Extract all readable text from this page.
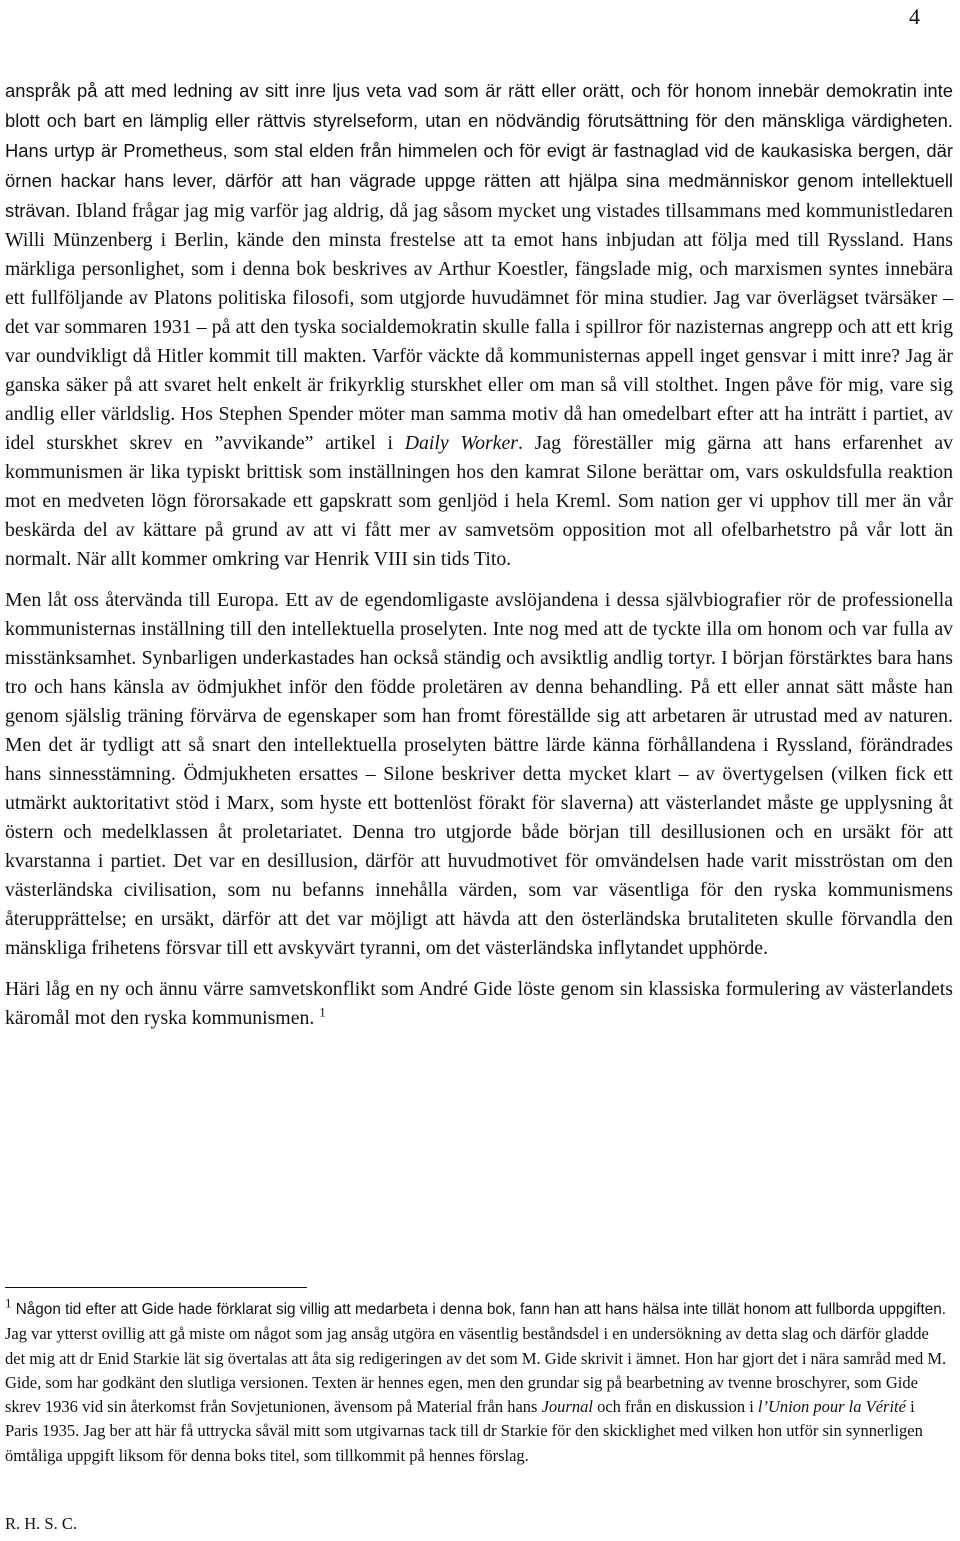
4

anspråk på att med ledning av sitt inre ljus veta vad som är rätt eller orätt, och för honom innebär demokratin inte blott och bart en lämplig eller rättvis styrelseform, utan en nödvändig förutsättning för den mänskliga värdigheten. Hans urtyp är Prometheus, som stal elden från himmelen och för evigt är fastnaglad vid de kaukasiska bergen, där örnen hackar hans lever, därför att han vägrade uppge rätten att hjälpa sina medmänniskor genom intellektuell strävan. Ibland frågar jag mig varför jag aldrig, då jag såsom mycket ung vistades tillsammans med kommunistledaren Willi Münzenberg i Berlin, kände den minsta frestelse att ta emot hans inbjudan att följa med till Ryssland. Hans märkliga personlighet, som i denna bok beskrives av Arthur Koestler, fängslade mig, och marxismen syntes innebära ett fullföljande av Platons politiska filosofi, som utgjorde huvudämnet för mina studier. Jag var överlägset tvärsäker – det var sommaren 1931 – på att den tyska socialdemokratin skulle falla i spillror för nazisternas angrepp och att ett krig var oundvikligt då Hitler kommit till makten. Varför väckte då kommunisternas appell inget gensvar i mitt inre? Jag är ganska säker på att svaret helt enkelt är frikyrklig sturskhet eller om man så vill stolthet. Ingen påve för mig, vare sig andlig eller världslig. Hos Stephen Spender möter man samma motiv då han omedelbart efter att ha inträtt i partiet, av idel sturskhet skrev en ”avvikande” artikel i Daily Worker. Jag föreställer mig gärna att hans erfarenhet av kommunismen är lika typiskt brittisk som inställningen hos den kamrat Silone berättar om, vars oskuldsfulla reaktion mot en medveten lögn förorsakade ett gapskratt som genljöd i hela Kreml. Som nation ger vi upphov till mer än vår beskärda del av kättare på grund av att vi fått mer av samvetsöm opposition mot all ofelbarhetstro på vår lott än normalt. När allt kommer omkring var Henrik VIII sin tids Tito.

Men låt oss återvända till Europa. Ett av de egendomligaste avslöjandena i dessa självbiografier rör de professionella kommunisternas inställning till den intellektuella proselyten. Inte nog med att de tyckte illa om honom och var fulla av misstänksamhet. Synbarligen underkastades han också ständig och avsiktlig andlig tortyr. I början förstärktes bara hans tro och hans känsla av ödmjukhet inför den födde proletären av denna behandling. På ett eller annat sätt måste han genom själslig träning förvärva de egenskaper som han fromt föreställde sig att arbetaren är utrustad med av naturen. Men det är tydligt att så snart den intellektuella proselyten bättre lärde känna förhållandena i Ryssland, förändrades hans sinnesstämning. Ödmjukheten ersattes – Silone beskriver detta mycket klart – av övertygelsen (vilken fick ett utmärkt auktoritativt stöd i Marx, som hyste ett bottenlöst förakt för slaverna) att västerlandet måste ge upplysning åt östern och medelklassen åt proletariatet. Denna tro utgjorde både början till desillusionen och en ursäkt för att kvarstanna i partiet. Det var en desillusion, därför att huvudmotivet för omvändelsen hade varit misströstan om den västerländska civilisation, som nu befanns innehålla värden, som var väsentliga för den ryska kommunismens återupprättelse; en ursäkt, därför att det var möjligt att hävda att den österländska brutaliteten skulle förvandla den mänskliga frihetens försvar till ett avskyvärt tyranni, om det västerländska inflytandet upphörde.

Häri låg en ny och ännu värre samvetskonflikt som André Gide löste genom sin klassiska formulering av västerlandets käromål mot den ryska kommunismen. $^1$

$^1$ Någon tid efter att Gide hade förklarat sig villig att medarbeta i denna bok, fann han att hans hälsa inte tillät honom att fullborda uppgiften. Jag var ytterst ovillig att gå miste om något som jag ansåg utgöra en väsentlig beståndsdel i en undersökning av detta slag och därför gladde det mig att dr Enid Starkie lät sig övertalas att åta sig redigeringen av det som M. Gide skrivit i ämnet. Hon har gjort det i nära samråd med M. Gide, som har godkänt den slutliga versionen. Texten är hennes egen, men den grundar sig på bearbetning av tvenne broschyrer, som Gide skrev 1936 vid sin återkomst från Sovjetunionen, ävensom på Material från hans Journal och från en diskussion i l’Union pour la Vérité i Paris 1935. Jag ber att här få uttrycka såväl mitt som utgivarnas tack till dr Starkie för den skicklighet med vilken hon utför sin synnerligen ömtåliga uppgift liksom för denna boks titel, som tillkommit på hennes förslag.

R. H. S. C.
